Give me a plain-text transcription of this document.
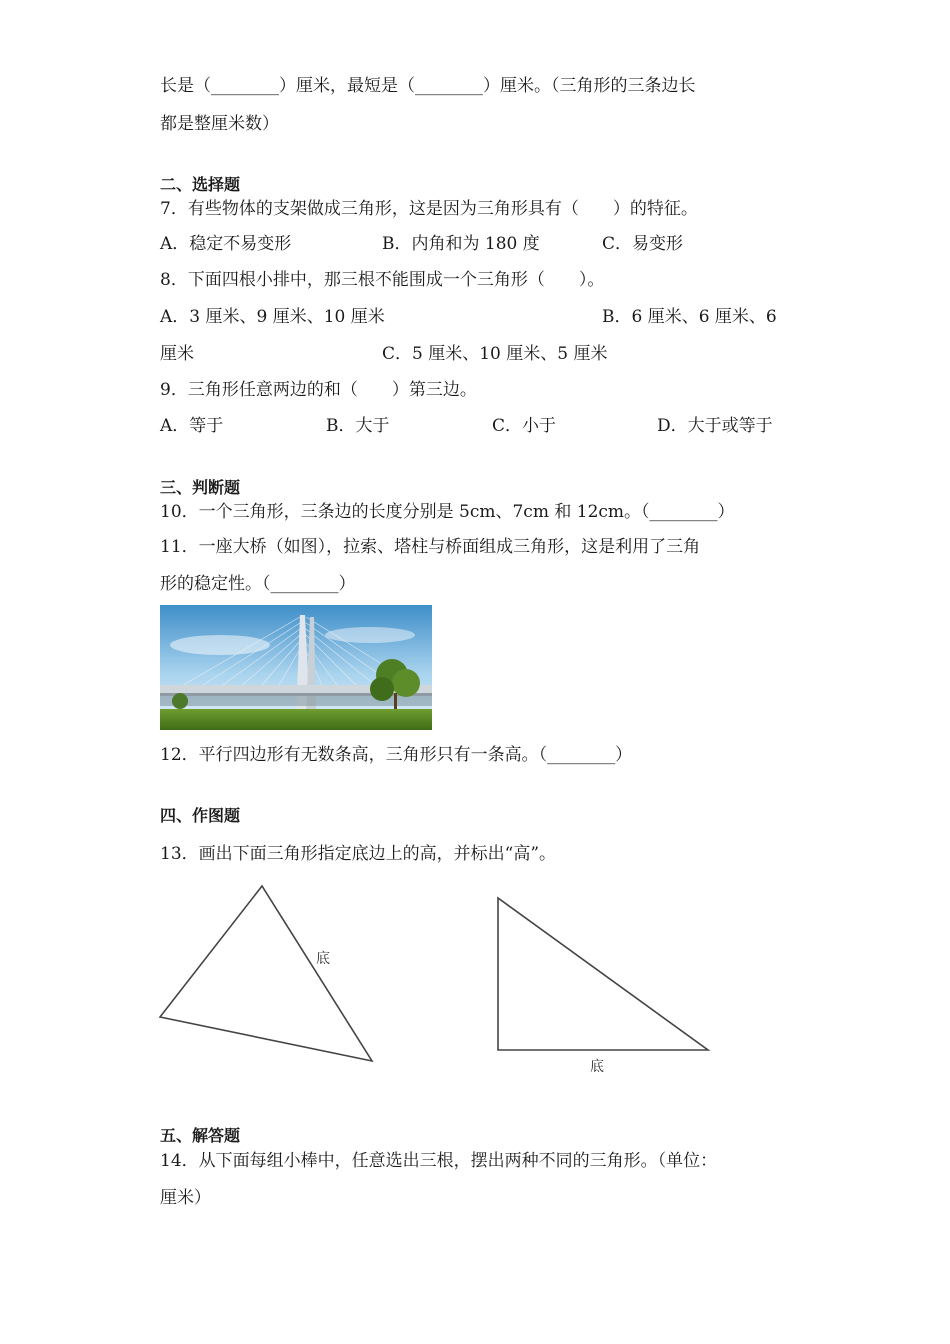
长是（________）厘米，最短是（________）厘米。（三角形的三条边长
都是整厘米数）
二、选择题
7．有些物体的支架做成三角形，这是因为三角形具有（　　）的特征。
A．稳定不易变形	B．内角和为 180 度	C．易变形
8．下面四根小排中，那三根不能围成一个三角形（　　）。
A．3 厘米、9 厘米、10 厘米	B．6 厘米、6 厘米、6
厘米	C．5 厘米、10 厘米、5 厘米
9．三角形任意两边的和（　　）第三边。
A．等于	B．大于	C．小于	D．大于或等于
三、判断题
10．一个三角形，三条边的长度分别是 5cm、7cm 和 12cm。（________）
11．一座大桥（如图），拉索、塔柱与桥面组成三角形，这是利用了三角
形的稳定性。（________）
12．平行四边形有无数条高，三角形只有一条高。（________）
四、作图题
13．画出下面三角形指定底边上的高，并标出“高”。
底
底
五、解答题
14．从下面每组小棒中，任意选出三根，摆出两种不同的三角形。（单位：
厘米）
